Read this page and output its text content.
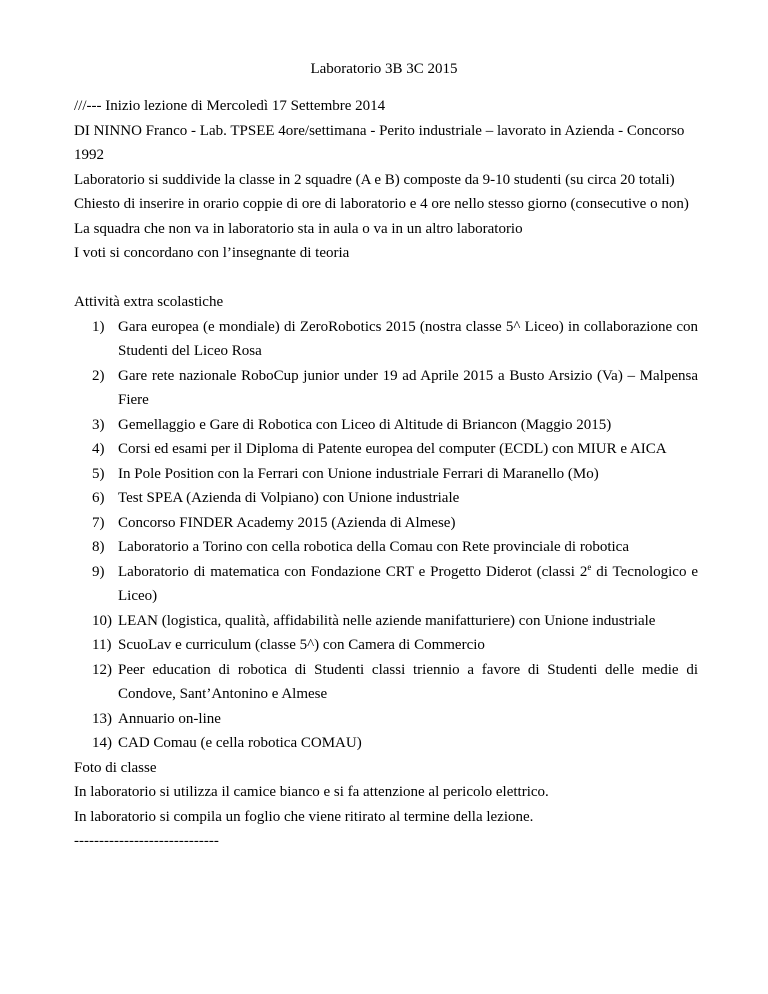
Laboratorio 3B 3C 2015

///--- Inizio lezione di Mercoledì 17 Settembre 2014

DI NINNO Franco - Lab. TPSEE 4ore/settimana - Perito industriale – lavorato in Azienda - Concorso 1992

Laboratorio si suddivide la classe in 2 squadre (A e B) composte da 9-10 studenti (su circa 20 totali)

Chiesto di inserire in orario coppie di ore di laboratorio e 4 ore nello stesso giorno (consecutive o non)

La squadra che non va in laboratorio sta in aula o va in un altro laboratorio

I voti si concordano con l’insegnante di teoria

Attività extra scolastiche

1) Gara europea (e mondiale) di ZeroRobotics 2015 (nostra classe 5^ Liceo) in collaborazione con Studenti del Liceo Rosa
2) Gare rete nazionale RoboCup junior under 19 ad Aprile 2015 a Busto Arsizio (Va) – Malpensa Fiere
3) Gemellaggio e Gare di Robotica con Liceo di Altitude di Briancon (Maggio 2015)
4) Corsi ed esami per il Diploma di Patente europea del computer (ECDL) con MIUR e AICA
5) In Pole Position con la Ferrari con Unione industriale Ferrari di Maranello (Mo)
6) Test SPEA (Azienda di Volpiano) con Unione industriale
7) Concorso FINDER Academy 2015 (Azienda di Almese)
8) Laboratorio a Torino con cella robotica della Comau con Rete provinciale di robotica
9) Laboratorio di matematica con Fondazione CRT e Progetto Diderot (classi 2e di Tecnologico e Liceo)
10) LEAN (logistica, qualità, affidabilità nelle aziende manifatturiere) con Unione industriale
11) ScuoLav e curriculum (classe 5^) con Camera di Commercio
12) Peer education di robotica di Studenti classi triennio a favore di Studenti delle medie di Condove, Sant’Antonino e Almese
13) Annuario on-line
14) CAD Comau (e cella robotica COMAU)

Foto di classe

In laboratorio si utilizza il camice bianco e si fa attenzione al pericolo elettrico.

In laboratorio si compila un foglio che viene ritirato al termine della lezione.

-----------------------------
